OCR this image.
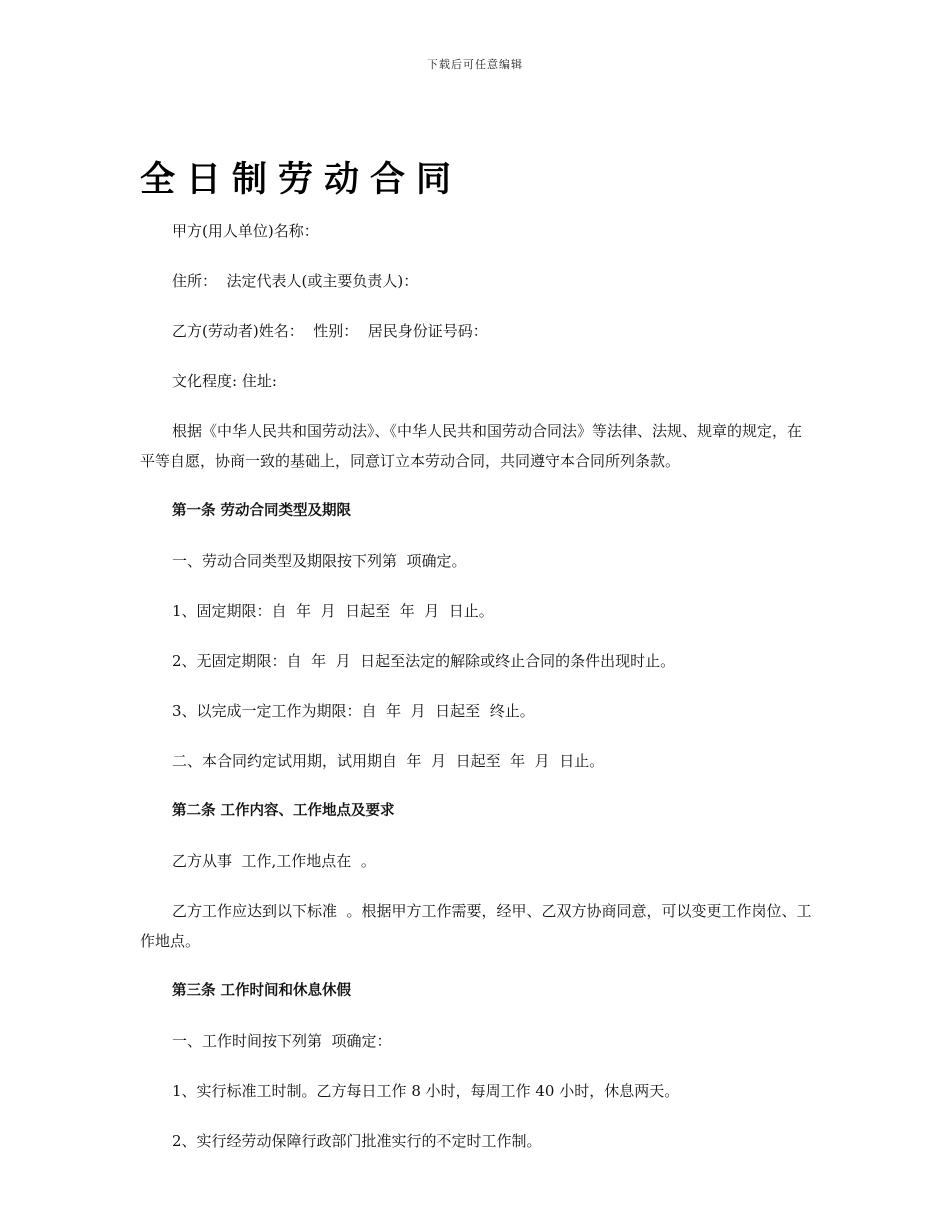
下载后可任意编辑
全日制劳动合同

甲方(用人单位)名称：

住所：  法定代表人(或主要负责人)：

乙方(劳动者)姓名：  性别：  居民身份证号码：

文化程度: 住址:

根据《中华人民共和国劳动法》、《中华人民共和国劳动合同法》等法律、法规、规章的规定，在平等自愿，协商一致的基础上，同意订立本劳动合同，共同遵守本合同所列条款。

第一条 劳动合同类型及期限

一、劳动合同类型及期限按下列第  项确定。

1、固定期限：自  年  月  日起至  年  月  日止。

2、无固定期限：自  年  月  日起至法定的解除或终止合同的条件出现时止。

3、以完成一定工作为期限：自  年  月  日起至  终止。

二、本合同约定试用期，试用期自  年  月  日起至  年  月  日止。

第二条 工作内容、工作地点及要求

乙方从事  工作,工作地点在  。

乙方工作应达到以下标准  。根据甲方工作需要，经甲、乙双方协商同意，可以变更工作岗位、工作地点。

第三条 工作时间和休息休假

一、工作时间按下列第  项确定：

1、实行标准工时制。乙方每日工作 8 小时，每周工作 40 小时，休息两天。

2、实行经劳动保障行政部门批准实行的不定时工作制。
